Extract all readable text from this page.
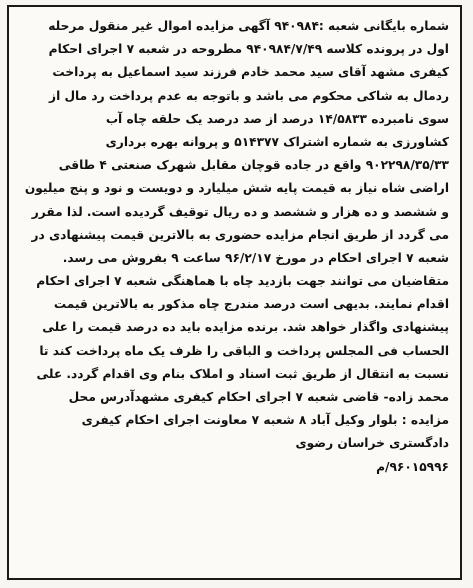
شماره بایگانی شعبه :۹۴۰۹۸۴ آگهی مزایده اموال غیر منقول مرحله
اول در پرونده کلاسه ۹۴۰۹۸۴/۷/۴۹ مطروحه در شعبه ۷ اجرای احکام
کیفری مشهد آقای سید محمد خادم فرزند سید اسماعیل به پرداخت
ردمال به شاکی محکوم می باشد و باتوجه به عدم پرداخت رد مال از
سوی نامبرده ۱۴/۵۸۳۳ درصد از صد درصد یک حلقه چاه آب
کشاورزی به شماره اشتراک ۵۱۴۳۷۷ و پروانه بهره برداری
۹۰۲۲۹۸/۳۵/۳۳ واقع در جاده قوچان مقابل شهرک صنعتی ۴ طاقی
اراضی شاه نیاز به قیمت پایه شش میلیارد و دویست و نود و پنج میلیون
و ششصد و ده هزار و ششصد و ده ریال توقیف گردیده است. لذا مقرر
می گردد از طریق انجام مزایده حضوری به بالاترین قیمت پیشنهادی در
شعبه ۷ اجرای احکام در مورخ ۹۶/۲/۱۷ ساعت ۹ بفروش می رسد.
متقاضیان می توانند جهت بازدید چاه با هماهنگی شعبه ۷ اجرای احکام
اقدام نمایند. بدیهی است درصد مندرج چاه مذکور به بالاترین قیمت
پیشنهادی واگذار خواهد شد. برنده مزایده باید ده درصد قیمت را علی
الحساب فی المجلس پرداخت و الباقی را ظرف یک ماه پرداخت کند تا
نسبت به انتقال از طریق ثبت اسناد و املاک بنام وی اقدام گردد. علی
محمد زاده- قاضی شعبه ۷ اجرای احکام کیفری مشهدآدرس محل
مزایده : بلوار وکیل آباد ۸ شعبه ۷ معاونت اجرای احکام کیفری
دادگستری خراسان رضوی
۹۶۰۱۵۹۹۶/م
